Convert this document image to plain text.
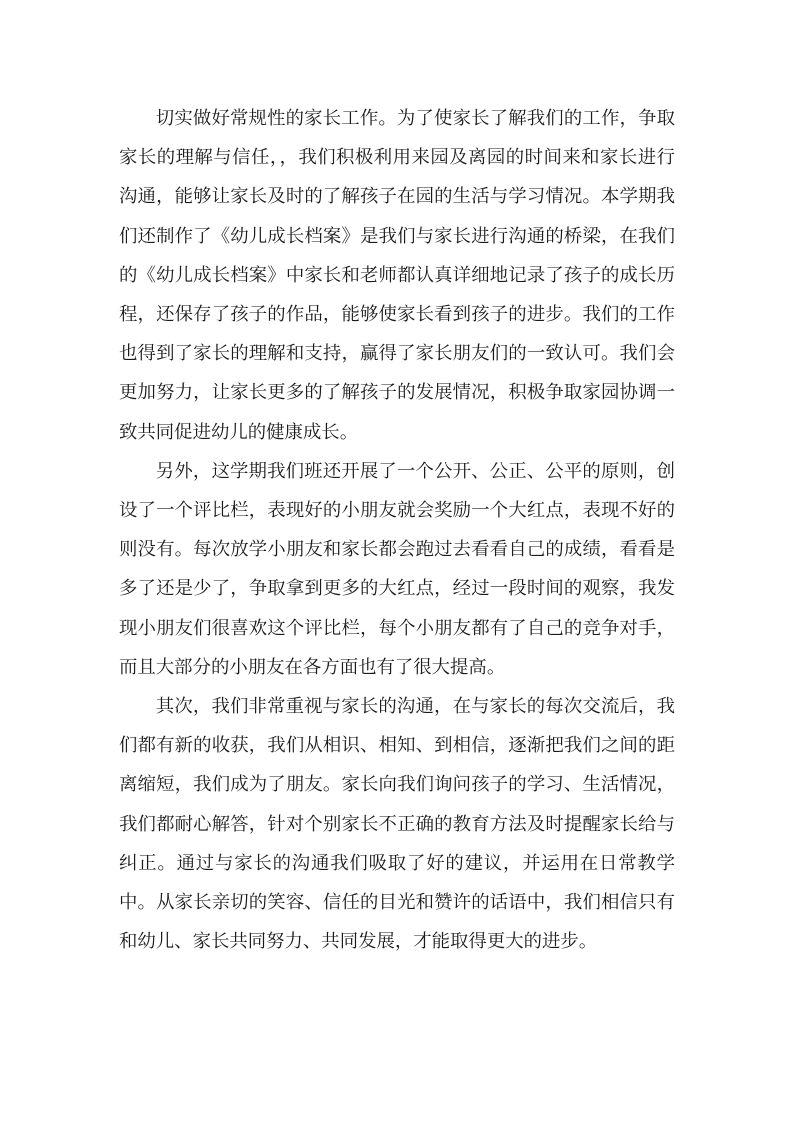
切实做好常规性的家长工作。为了使家长了解我们的工作，争取家长的理解与信任，，我们积极利用来园及离园的时间来和家长进行沟通，能够让家长及时的了解孩子在园的生活与学习情况。本学期我们还制作了《幼儿成长档案》是我们与家长进行沟通的桥梁，在我们的《幼儿成长档案》中家长和老师都认真详细地记录了孩子的成长历程，还保存了孩子的作品，能够使家长看到孩子的进步。我们的工作也得到了家长的理解和支持，赢得了家长朋友们的一致认可。我们会更加努力，让家长更多的了解孩子的发展情况，积极争取家园协调一致共同促进幼儿的健康成长。

另外，这学期我们班还开展了一个公开、公正、公平的原则，创设了一个评比栏，表现好的小朋友就会奖励一个大红点，表现不好的则没有。每次放学小朋友和家长都会跑过去看看自己的成绩，看看是多了还是少了，争取拿到更多的大红点，经过一段时间的观察，我发现小朋友们很喜欢这个评比栏，每个小朋友都有了自己的竞争对手，而且大部分的小朋友在各方面也有了很大提高。

其次，我们非常重视与家长的沟通，在与家长的每次交流后，我们都有新的收获，我们从相识、相知、到相信，逐渐把我们之间的距离缩短，我们成为了朋友。家长向我们询问孩子的学习、生活情况，我们都耐心解答，针对个别家长不正确的教育方法及时提醒家长给与纠正。通过与家长的沟通我们吸取了好的建议，并运用在日常教学中。从家长亲切的笑容、信任的目光和赞许的话语中，我们相信只有和幼儿、家长共同努力、共同发展，才能取得更大的进步。
